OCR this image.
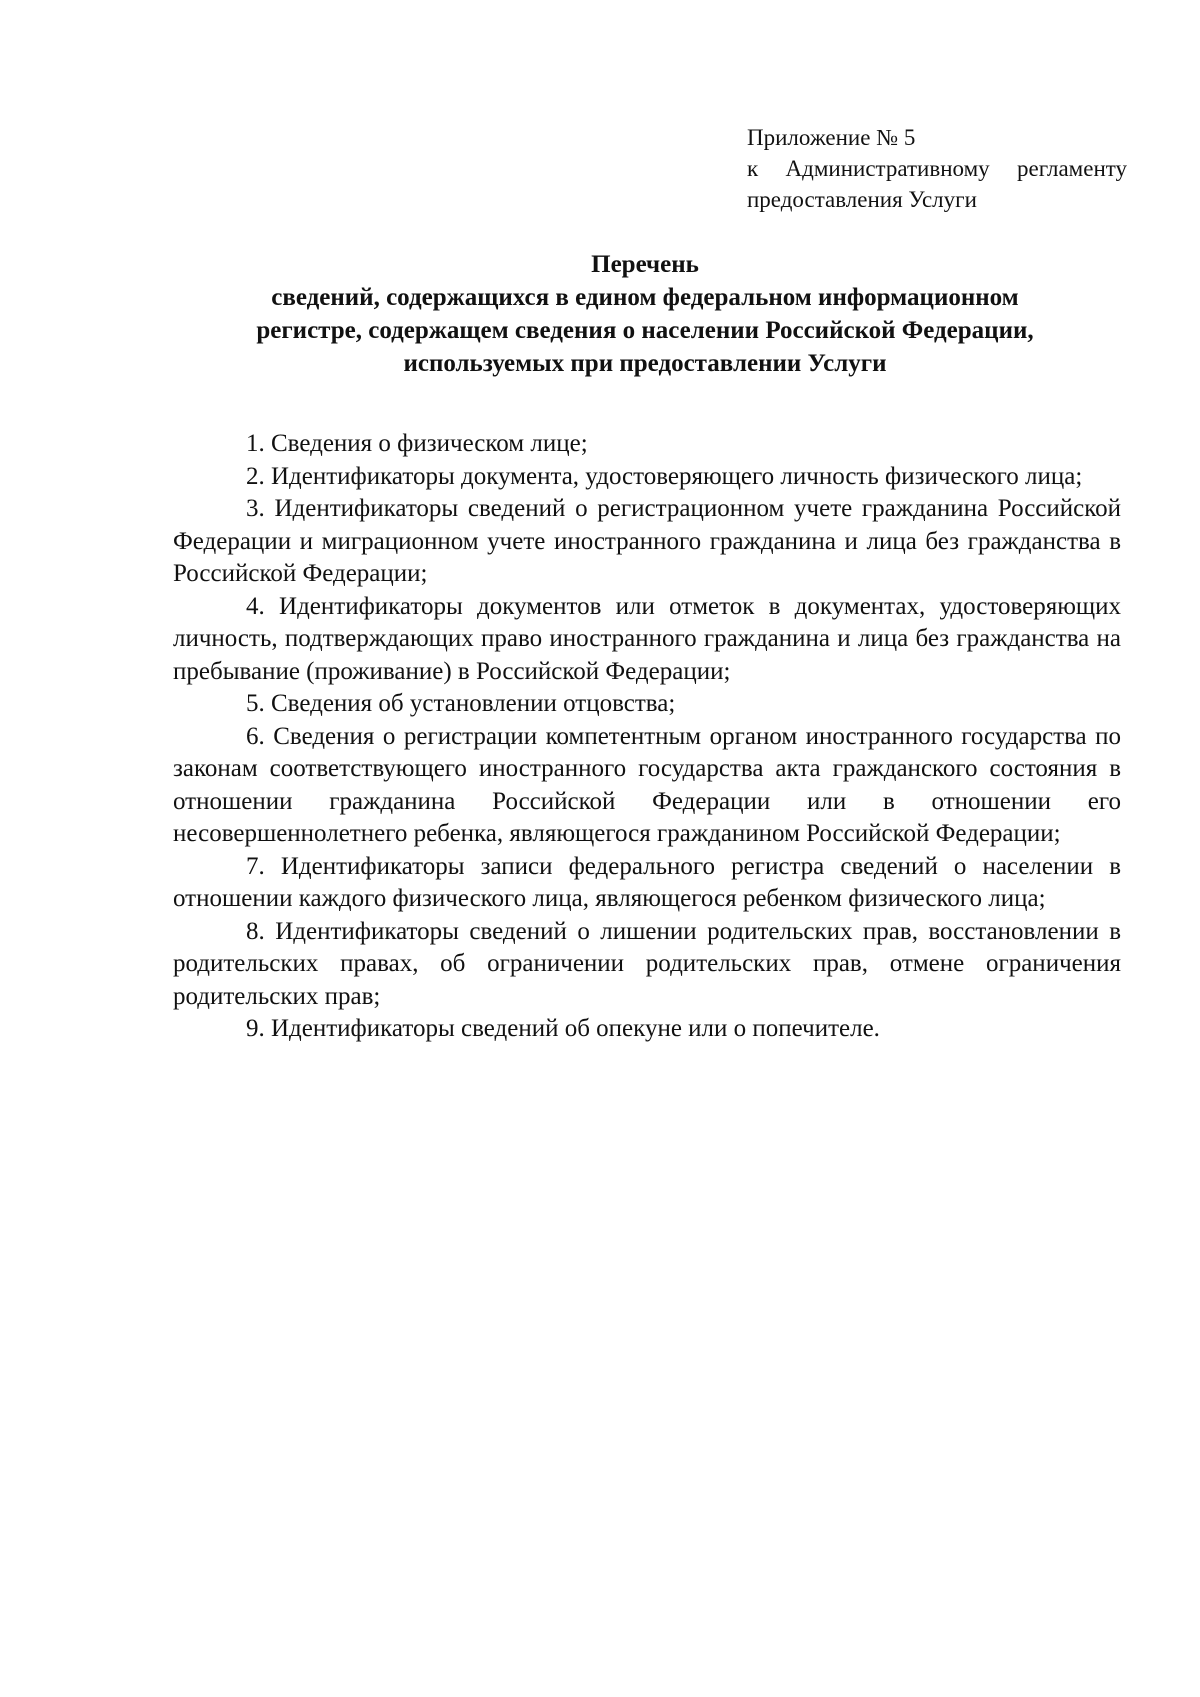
Приложение № 5
к Административному регламенту
предоставления Услуги
Перечень
сведений, содержащихся в едином федеральном информационном
регистре, содержащем сведения о населении Российской Федерации,
используемых при предоставлении Услуги

1. Сведения о физическом лице;

2. Идентификаторы документа, удостоверяющего личность физического лица;

3. Идентификаторы сведений о регистрационном учете гражданина Российской Федерации и миграционном учете иностранного гражданина и лица без гражданства в Российской Федерации;

4. Идентификаторы документов или отметок в документах, удостоверяющих личность, подтверждающих право иностранного гражданина и лица без гражданства на пребывание (проживание) в Российской Федерации;

5. Сведения об установлении отцовства;

6. Сведения о регистрации компетентным органом иностранного государства по законам соответствующего иностранного государства акта гражданского состояния в отношении гражданина Российской Федерации или в отношении его несовершеннолетнего ребенка, являющегося гражданином Российской Федерации;

7. Идентификаторы записи федерального регистра сведений о населении в отношении каждого физического лица, являющегося ребенком физического лица;

8. Идентификаторы сведений о лишении родительских прав, восстановлении в родительских правах, об ограничении родительских прав, отмене ограничения родительских прав;

9. Идентификаторы сведений об опекуне или о попечителе.
